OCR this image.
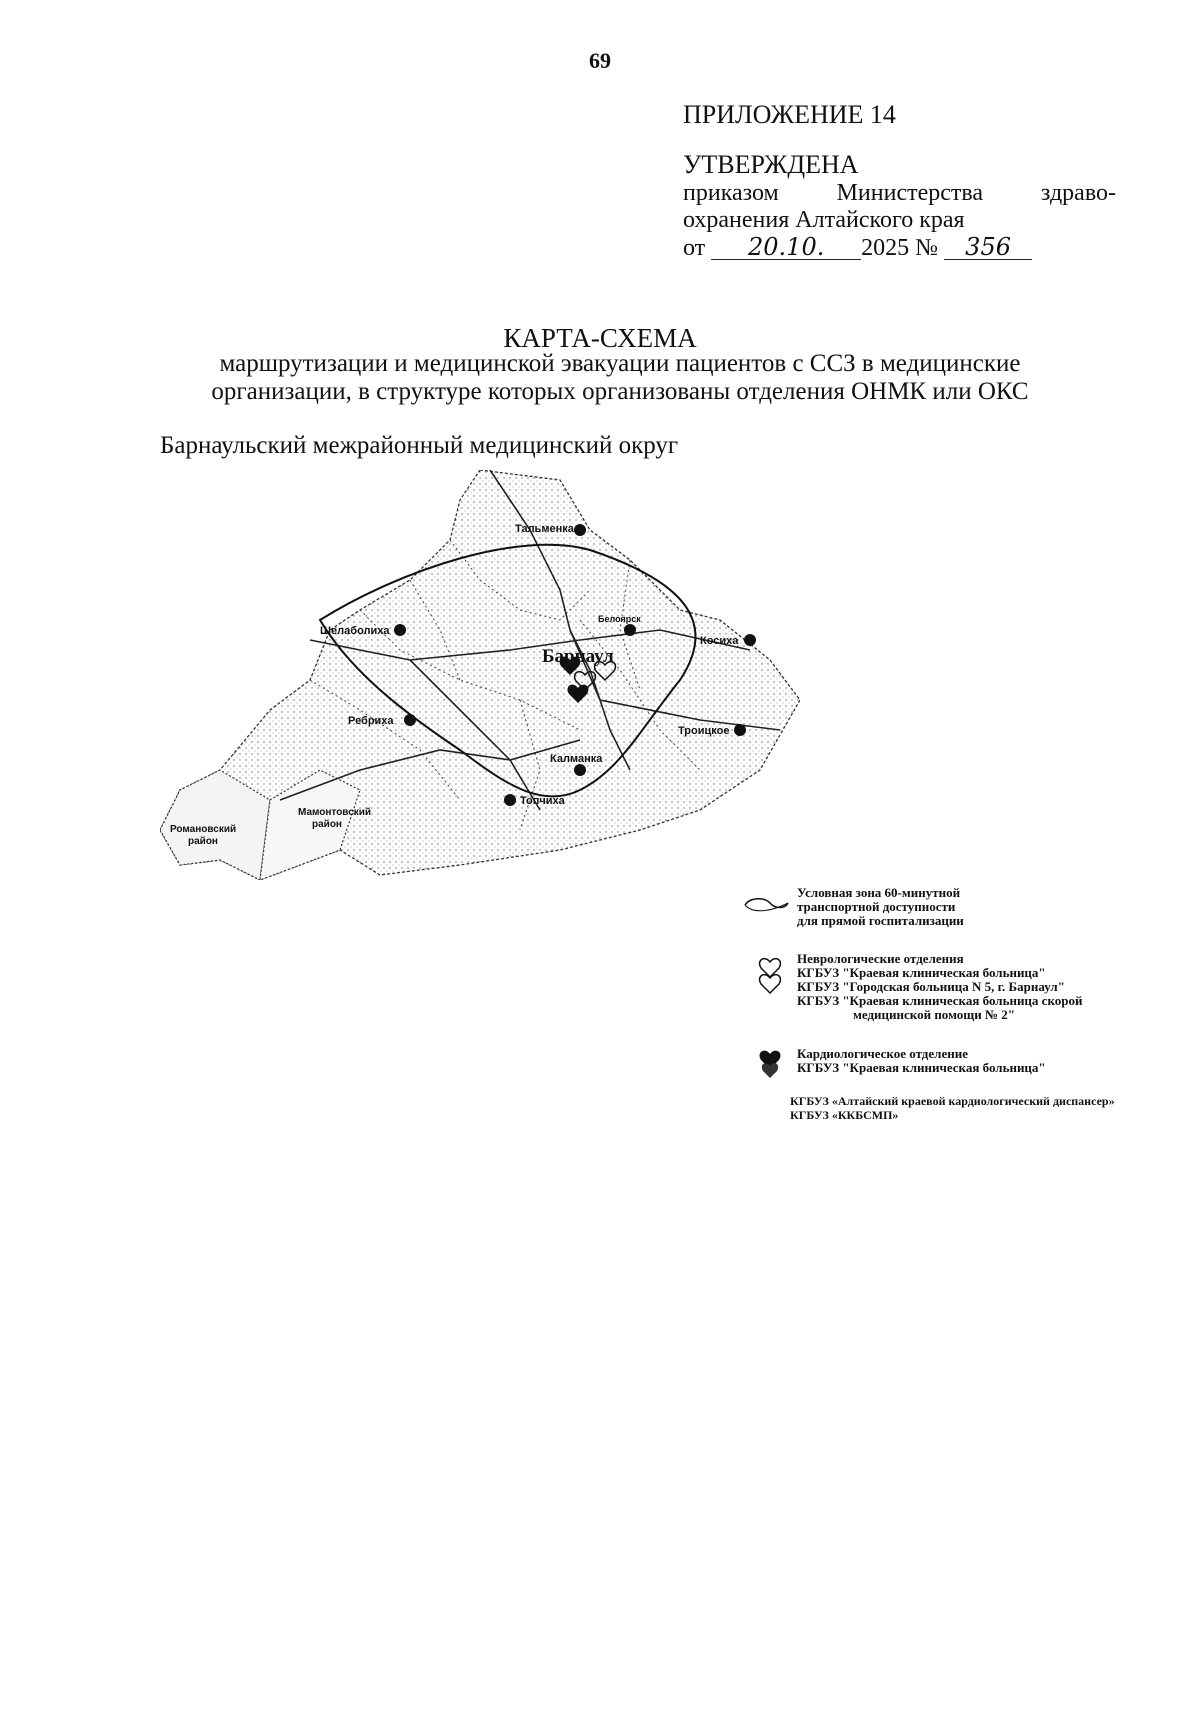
69
ПРИЛОЖЕНИЕ 14
УТВЕРЖДЕНА
приказом Министерства здраво-
охранения Алтайского края
от 20.10. 2025 № 356
КАРТА-СХЕМА
маршрутизации и медицинской эвакуации пациентов с ССЗ в медицинские организации, в структуре которых организованы отделения ОНМК или ОКС
Барнаульский межрайонный медицинский округ
Тальменка
Шелаболиха
Белоярск
Косиха
Ребриха
Калманка
Троицкое
Топчиха
Мамонтовский
район
Романовский
район
Барнаул
Условная зона 60-минутной
транспортной доступности
для прямой госпитализации
Неврологические отделения
КГБУЗ "Краевая клиническая больница"
КГБУЗ "Городская больница N 5, г. Барнаул"
КГБУЗ "Краевая клиническая больница скорой
медицинской помощи № 2"
Кардиологическое отделение
КГБУЗ "Краевая клиническая больница"
КГБУЗ «Алтайский краевой кардиологический диспансер»
КГБУЗ «ККБСМП»
